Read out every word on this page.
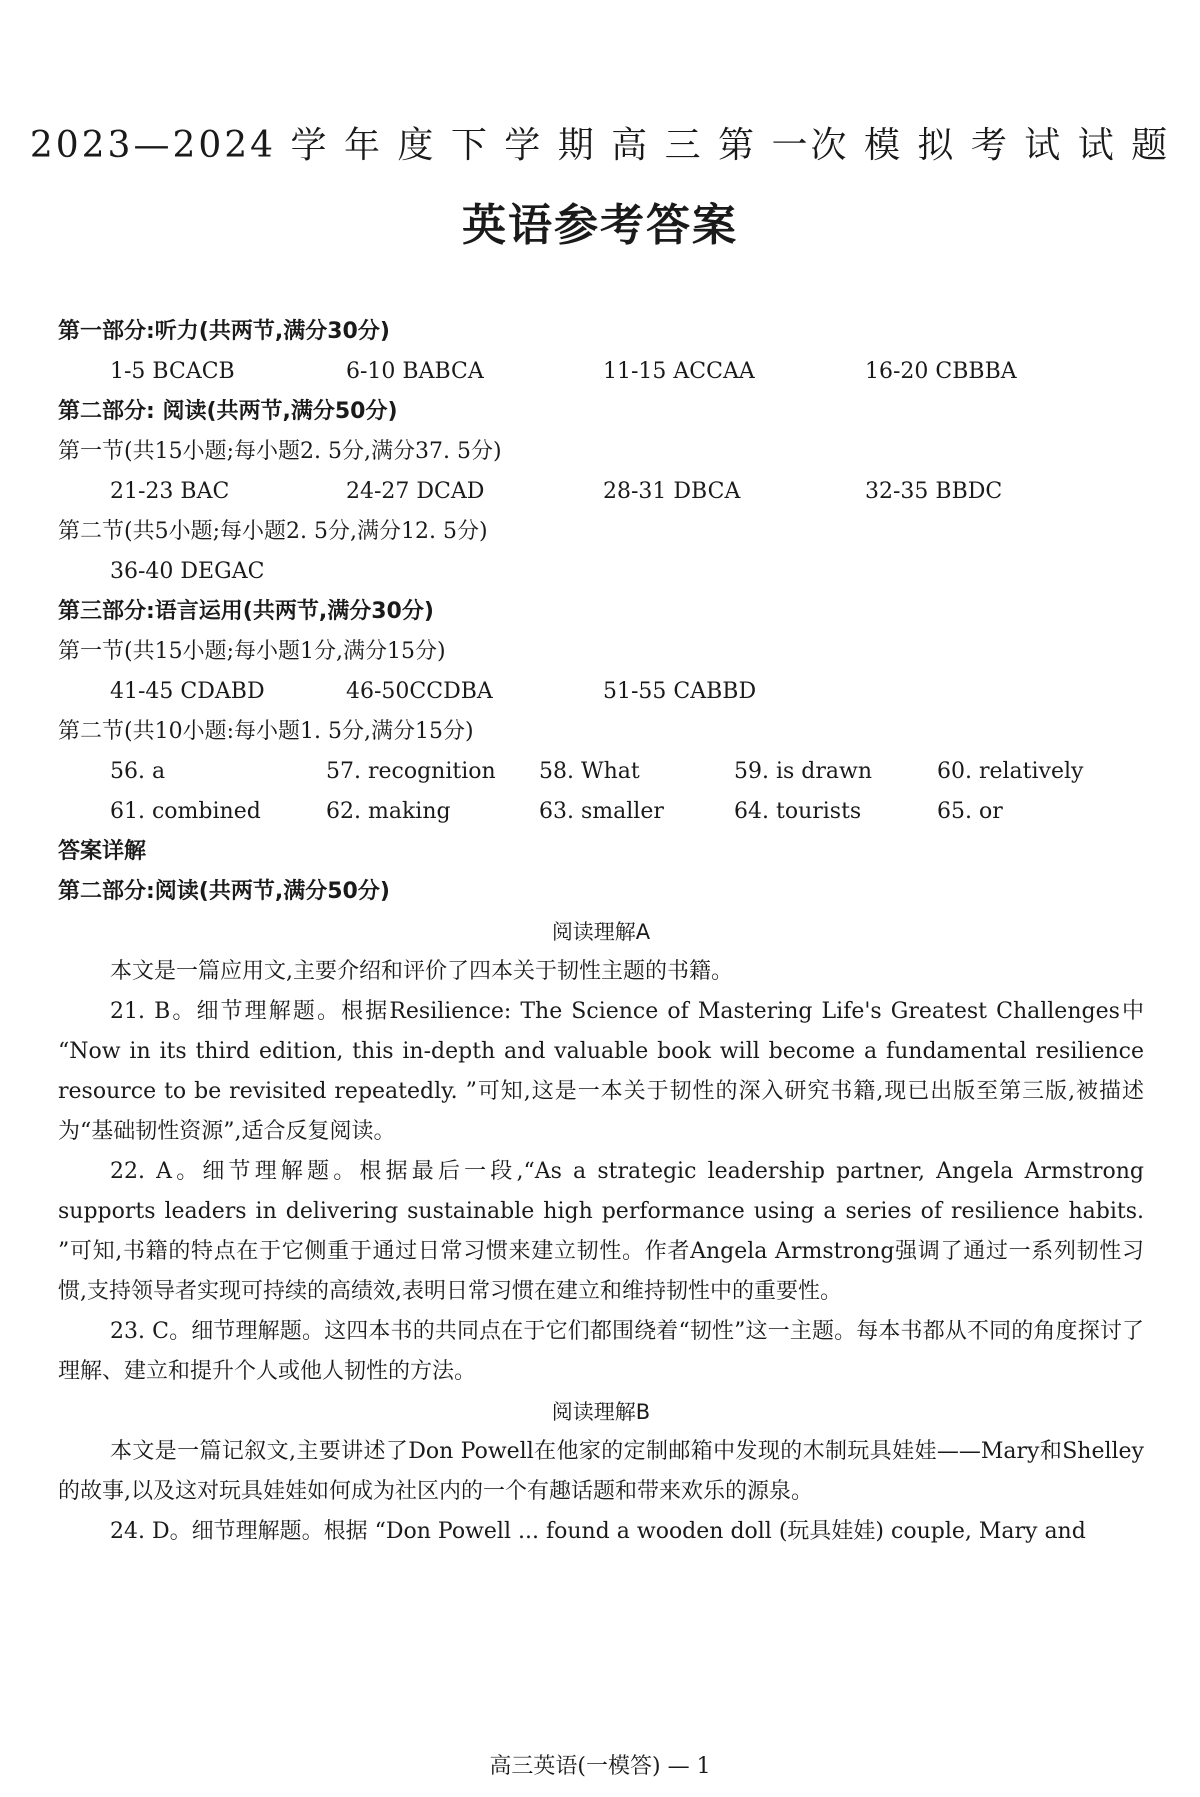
2023—2024 学 年 度 下 学 期 高 三 第 一次 模 拟 考 试 试 题
英语参考答案
第一部分:听力(共两节,满分30分)
1-5 BCACB	6-10 BABCA	11-15 ACCAA	16-20 CBBBA
第二部分: 阅读(共两节,满分50分)
第一节(共15小题;每小题2. 5分,满分37. 5分)
21-23 BAC	24-27 DCAD	28-31 DBCA	32-35 BBDC
第二节(共5小题;每小题2. 5分,满分12. 5分)
36-40 DEGAC
第三部分:语言运用(共两节,满分30分)
第一节(共15小题;每小题1分,满分15分)
41-45 CDABD	46-50CCDBA	51-55 CABBD
第二节(共10小题:每小题1. 5分,满分15分)
56. a	57. recognition	58. What	59. is drawn	60. relatively
61. combined	62. making	63. smaller	64. tourists	65. or
答案详解
第二部分:阅读(共两节,满分50分)
阅读理解A
本文是一篇应用文,主要介绍和评价了四本关于韧性主题的书籍。
21. B。细节理解题。根据Resilience: The Science of Mastering Life's Greatest Challenges中 “Now in its third edition, this in-depth and valuable book will become a fundamental resilience resource to be revisited repeatedly. ”可知,这是一本关于韧性的深入研究书籍,现已出版至第三版,被描述为“基础韧性资源”,适合反复阅读。
22. A。细节理解题。根据最后一段,“As a strategic leadership partner, Angela Armstrong supports leaders in delivering sustainable high performance using a series of resilience habits. ”可知,书籍的特点在于它侧重于通过日常习惯来建立韧性。作者Angela Armstrong强调了通过一系列韧性习惯,支持领导者实现可持续的高绩效,表明日常习惯在建立和维持韧性中的重要性。
23. C。细节理解题。这四本书的共同点在于它们都围绕着“韧性”这一主题。每本书都从不同的角度探讨了理解、建立和提升个人或他人韧性的方法。
阅读理解B
本文是一篇记叙文,主要讲述了Don Powell在他家的定制邮箱中发现的木制玩具娃娃——Mary和Shelley的故事,以及这对玩具娃娃如何成为社区内的一个有趣话题和带来欢乐的源泉。
24. D。细节理解题。根据 “Don Powell ... found a wooden doll (玩具娃娃) couple, Mary and
高三英语(一模答) — 1
